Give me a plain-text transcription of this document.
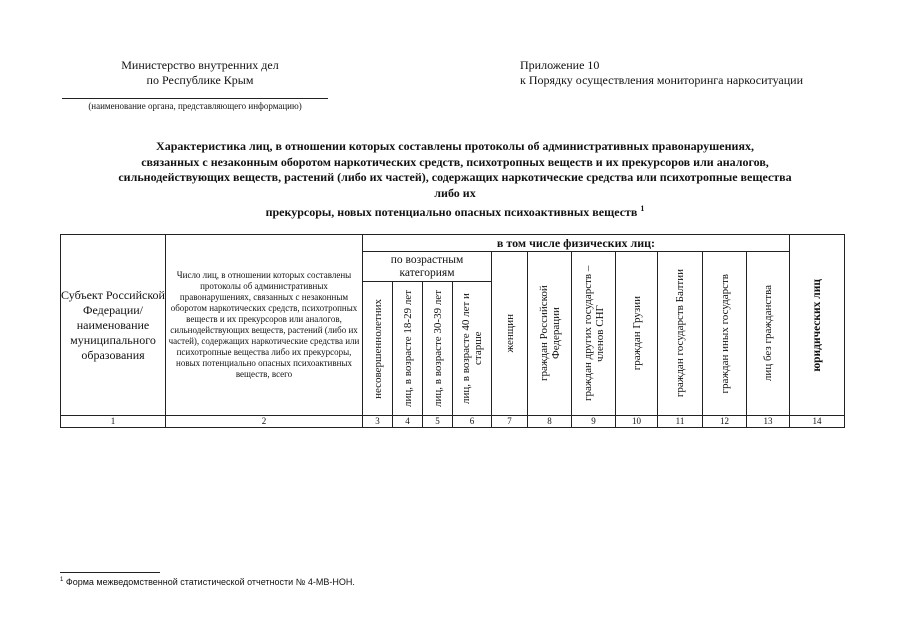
Министерство внутренних дел
по Республике Крым
(наименование органа, представляющего информацию)
Приложение 10
к Порядку осуществления мониторинга наркоситуации
Характеристика лиц, в отношении которых составлены протоколы об административных правонарушениях,
связанных с незаконным оборотом наркотических средств, психотропных веществ и их прекурсоров или аналогов,
сильнодействующих веществ, растений (либо их частей), содержащих наркотические средства или психотропные вещества либо их
прекурсоры, новых потенциально опасных психоактивных веществ $^1$
Субъект Российской Федерации/ наименование муниципального образования	Число лиц, в отношении которых составлены протоколы об административных правонарушениях, связанных с незаконным оборотом наркотических средств, психотропных веществ и их прекурсоров или аналогов, сильнодействующих веществ, растений (либо их частей), содержащих наркотические средства или психотропные вещества либо их прекурсоры, новых потенциально опасных психоактивных веществ, всего	в том числе физических лиц:											юридических лиц

		по возрастным категориям				женщин	граждан Российской Федерации	граждан других государств – членов СНГ	граждан Грузии	граждан государств Балтии	граждан иных государств	лиц без гражданства	

		несовершеннолетних	лиц, в возрасте 18-29 лет	лиц, в возрасте 30-39 лет	лиц, в возрасте 40 лет и старше								

1	2	3	4	5	6	7	8	9	10	11	12	13	14
$^1$ Форма межведомственной статистической отчетности № 4-МВ-НОН.
